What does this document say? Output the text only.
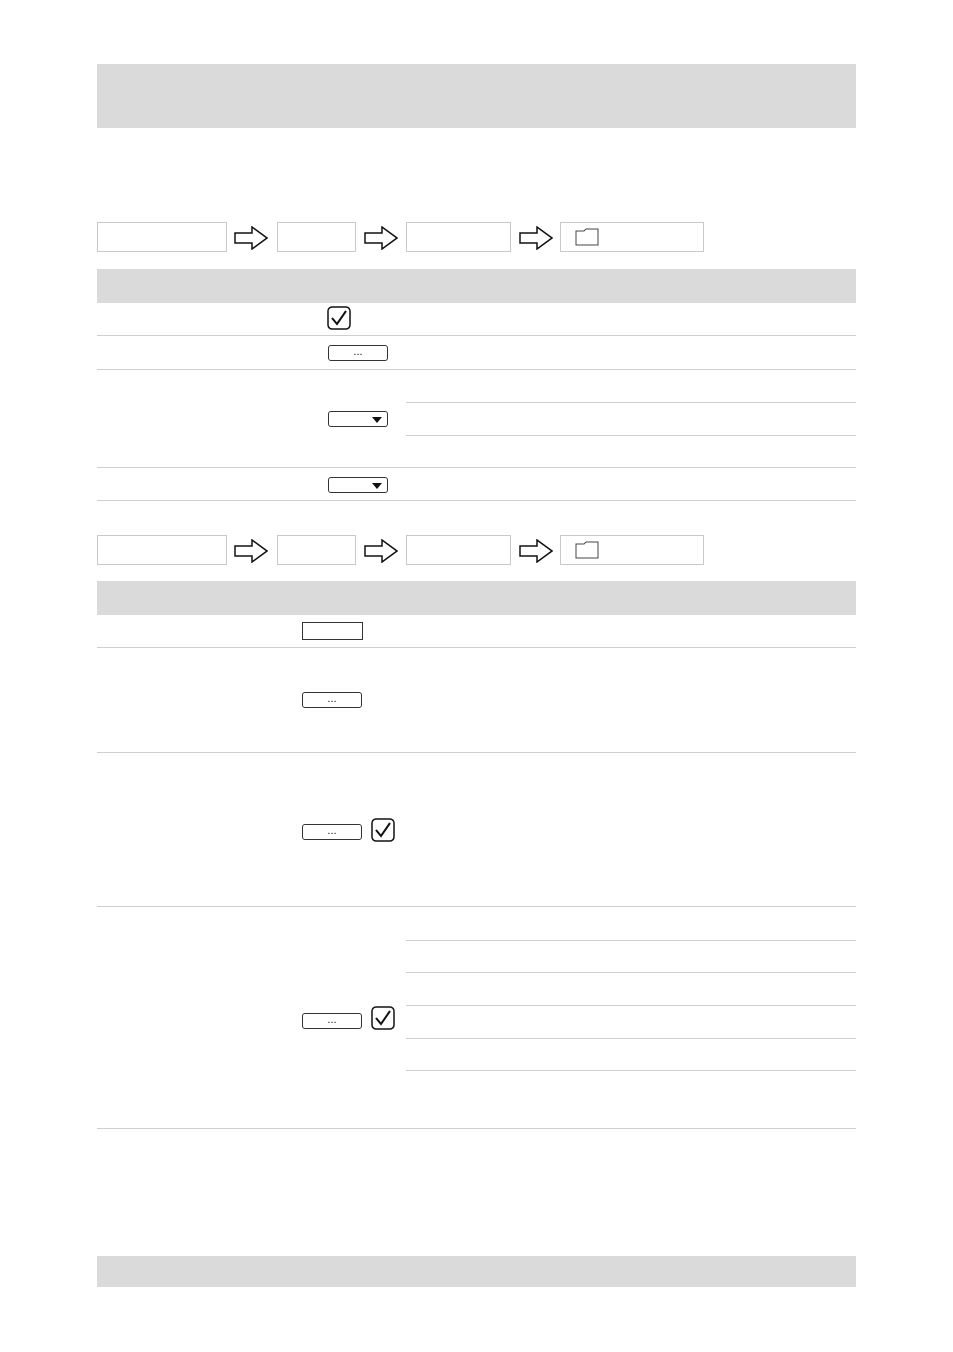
...
...
...
...
